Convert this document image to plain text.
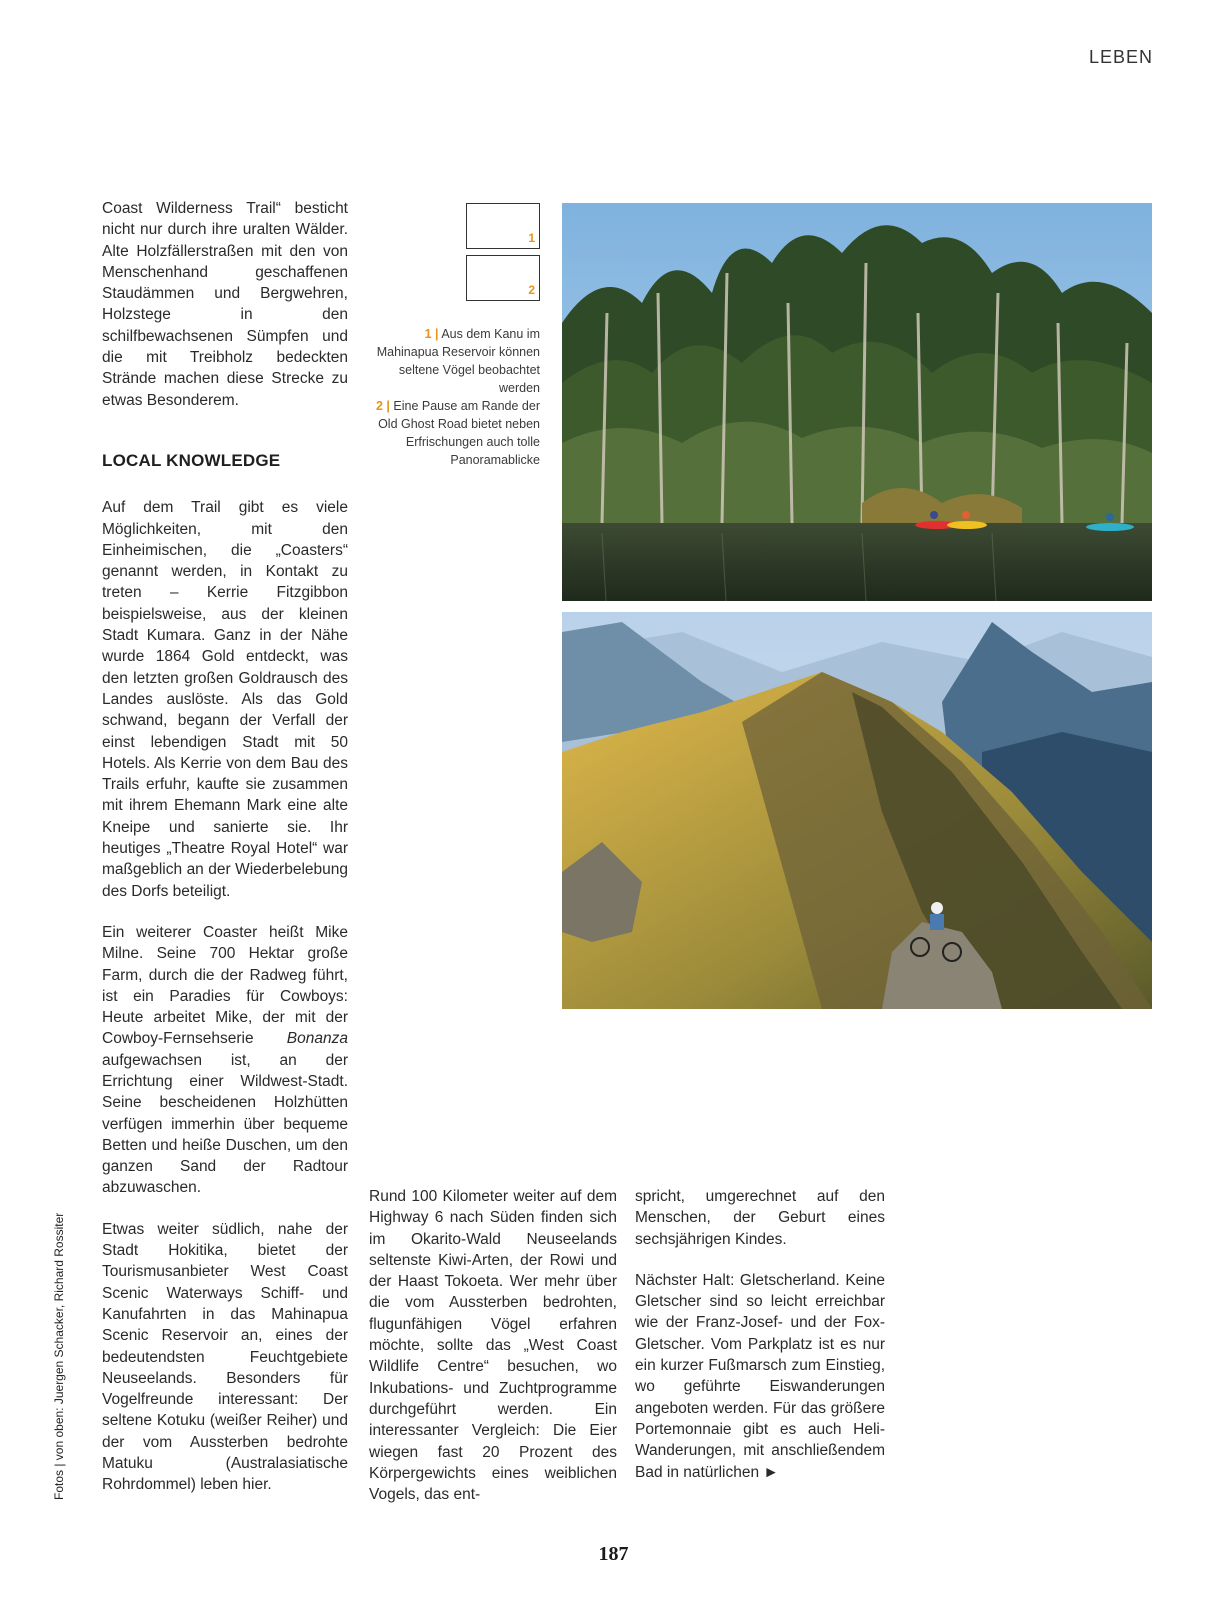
LEBEN
Fotos | von oben: Juergen Schacker, Richard Rossiter

Coast Wilderness Trail“ besticht nicht nur durch ihre uralten Wälder. Alte Holzfällerstraßen mit den von Menschenhand geschaffenen Staudämmen und Bergwehren, Holzstege in den schilfbewachsenen Sümpfen und die mit Treibholz bedeckten Strände machen diese Strecke zu etwas Besonderem.

LOCAL KNOWLEDGE

Auf dem Trail gibt es viele Möglichkeiten, mit den Einheimischen, die „Coasters“ genannt werden, in Kontakt zu treten – Kerrie Fitzgibbon beispielsweise, aus der kleinen Stadt Kumara. Ganz in der Nähe wurde 1864 Gold entdeckt, was den letzten großen Goldrausch des Landes auslöste. Als das Gold schwand, begann der Verfall der einst lebendigen Stadt mit 50 Hotels. Als Kerrie von dem Bau des Trails erfuhr, kaufte sie zusammen mit ihrem Ehemann Mark eine alte Kneipe und sanierte sie. Ihr heutiges „Theatre Royal Hotel“ war maßgeblich an der Wiederbelebung des Dorfs beteiligt.

Ein weiterer Coaster heißt Mike Milne. Seine 700 Hektar große Farm, durch die der Radweg führt, ist ein Paradies für Cowboys: Heute arbeitet Mike, der mit der Cowboy-Fernsehserie Bonanza aufgewachsen ist, an der Errichtung einer Wildwest-Stadt. Seine bescheidenen Holzhütten verfügen immerhin über bequeme Betten und heiße Duschen, um den ganzen Sand der Radtour abzuwaschen.

Etwas weiter südlich, nahe der Stadt Hokitika, bietet der Tourismusanbieter West Coast Scenic Waterways Schiff- und Kanufahrten in das Mahinapua Scenic Reservoir an, eines der bedeutendsten Feuchtgebiete Neuseelands. Besonders für Vogelfreunde interessant: Der seltene Kotuku (weißer Reiher) und der vom Aussterben bedrohte Matuku (Australasiatische Rohrdommel) leben hier.

1
2
1 | Aus dem Kanu im Mahinapua Reservoir können seltene Vögel beobachtet werden
2 | Eine Pause am Rande der Old Ghost Road bietet neben Erfrischungen auch tolle Panoramablicke

Rund 100 Kilometer weiter auf dem Highway 6 nach Süden finden sich im Okarito-Wald Neuseelands seltenste Kiwi-Arten, der Rowi und der Haast Tokoeta. Wer mehr über die vom Aussterben bedrohten, flugunfähigen Vögel erfahren möchte, sollte das „West Coast Wildlife Centre“ besuchen, wo Inkubations- und Zuchtprogramme durchgeführt werden. Ein interessanter Vergleich: Die Eier wiegen fast 20 Prozent des Körpergewichts eines weiblichen Vogels, das ent-

spricht, umgerechnet auf den Menschen, der Geburt eines sechsjährigen Kindes.

Nächster Halt: Gletscherland. Keine Gletscher sind so leicht erreichbar wie der Franz-Josef- und der Fox-Gletscher. Vom Parkplatz ist es nur ein kurzer Fußmarsch zum Einstieg, wo geführte Eiswanderungen angeboten werden. Für das größere Portemonnaie gibt es auch Heli-Wanderungen, mit anschließendem Bad in natürlichen ►

187
